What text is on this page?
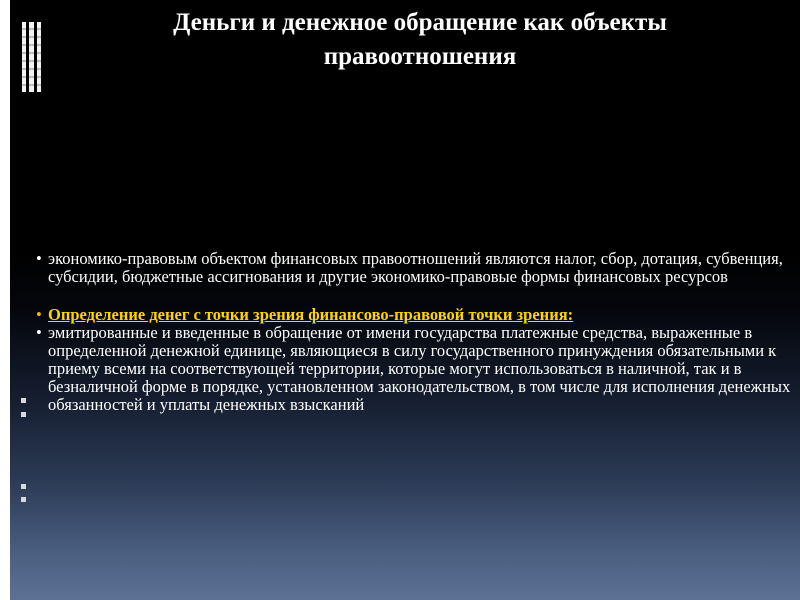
Деньги и денежное обращение как объекты правоотношения

• экономико-правовым объектом финансовых правоотношений являются налог, сбор, дотация, субвенция, субсидии, бюджетные ассигнования и другие экономико-правовые формы финансовых ресурсов

• Определение денег с точки зрения финансово-правовой точки зрения:

• эмитированные и введенные в обращение от имени государства платежные средства, выраженные в определенной денежной единице, являющиеся в силу государственного принуждения обязательными к приему всеми на соответствующей территории, которые могут использоваться в наличной, так и в безналичной форме в порядке, установленном законодательством, в том числе для исполнения денежных обязанностей и уплаты денежных взысканий
